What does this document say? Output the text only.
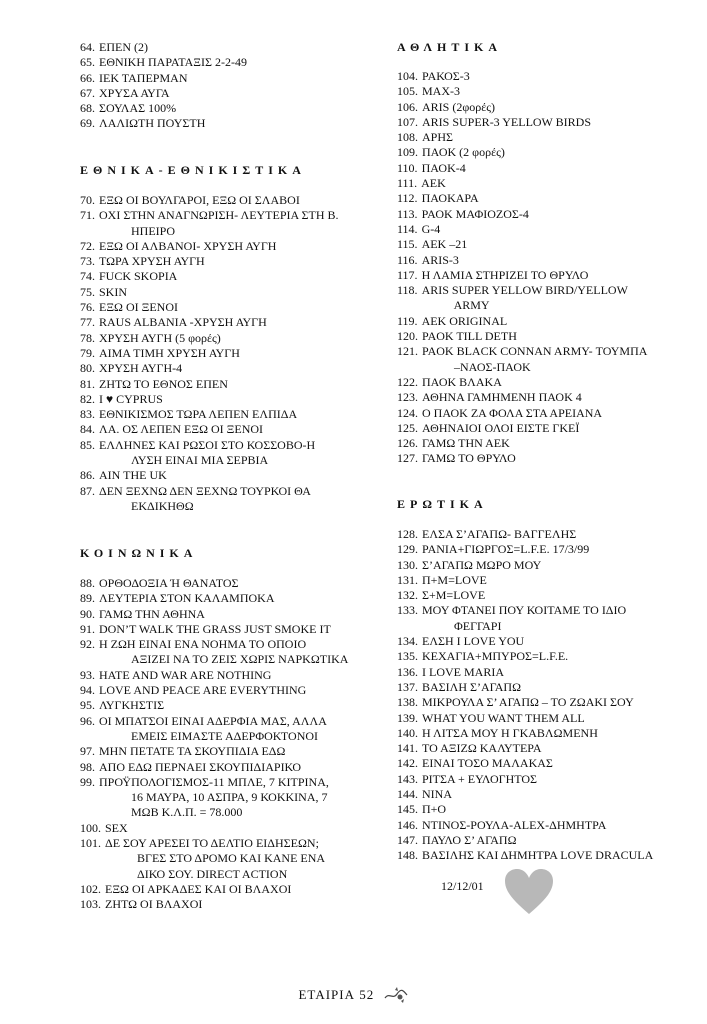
64. ΕΠΕΝ (2)
65. ΕΘΝΙΚΗ ΠΑΡΑΤΑΞΙΣ 2-2-49
66. ΙΕΚ ΤΑΠΕΡΜΑΝ
67. ΧΡΥΣΑ ΑΥΓΑ
68. ΣΟΥΛΑΣ 100%
69. ΛΑΛΙΩΤΗ ΠΟΥΣΤΗ
ΕΘΝΙΚΑ-ΕΘΝΙΚΙΣΤΙΚΑ
70. ΕΞΩ ΟΙ ΒΟΥΛΓΑΡΟΙ, ΕΞΩ ΟΙ ΣΛΑΒΟΙ
71. ΟΧΙ ΣΤΗΝ ΑΝΑΓΝΩΡΙΣΗ- ΛΕΥΤΕΡΙΑ ΣΤΗ Β.
ΗΠΕΙΡΟ
72. ΕΞΩ ΟΙ ΑΛΒΑΝΟΙ- ΧΡΥΣΗ ΑΥΓΗ
73. ΤΩΡΑ ΧΡΥΣΗ ΑΥΓΗ
74. FUCK SKOPIA
75. SKIN
76. ΕΞΩ ΟΙ ΞΕΝΟΙ
77. RAUS ALBANIA -ΧΡΥΣΗ ΑΥΓΗ
78. ΧΡΥΣΗ ΑΥΓΗ (5 φορές)
79. ΑΙΜΑ ΤΙΜΗ ΧΡΥΣΗ ΑΥΓΗ
80. ΧΡΥΣΗ ΑΥΓΗ-4
81. ΖΗΤΩ ΤΟ ΕΘΝΟΣ ΕΠΕΝ
82. I ♥ CYPRUS
83. ΕΘΝΙΚΙΣΜΟΣ ΤΩΡΑ ΛΕΠΕΝ ΕΛΠΙΔΑ
84. ΛΑ. ΟΣ ΛΕΠΕΝ ΕΞΩ ΟΙ ΞΕΝΟΙ
85. ΕΛΛΗΝΕΣ ΚΑΙ ΡΩΣΟΙ ΣΤΟ ΚΟΣΣΟΒΟ-Η
ΛΥΣΗ ΕΙΝΑΙ ΜΙΑ ΣΕΡΒΙΑ
86. AIN THE UK
87. ΔΕΝ ΞΕΧΝΩ ΔΕΝ ΞΕΧΝΩ ΤΟΥΡΚΟΙ ΘΑ
ΕΚΔΙΚΗΘΩ
ΚΟΙΝΩΝΙΚΑ
88. ΟΡΘΟΔΟΞΙΑ Ή ΘΑΝΑΤΟΣ
89. ΛΕΥΤΕΡΙΑ ΣΤΟΝ ΚΑΛΑΜΠΟΚΑ
90. ΓΑΜΩ ΤΗΝ ΑΘΗΝΑ
91. DON’T WALK THE GRASS JUST SMOKE IT
92. Η ΖΩΗ ΕΙΝΑΙ ΕΝΑ ΝΟΗΜΑ ΤΟ ΟΠΟΙΟ
ΑΞΙΖΕΙ ΝΑ ΤΟ ΖΕΙΣ ΧΩΡΙΣ ΝΑΡΚΩΤΙΚΑ
93. HATE AND WAR ARE NOTHING
94. LOVE AND PEACE ARE EVERYTHING
95. ΛΥΓΚΗΣΤΙΣ
96. ΟΙ ΜΠΑΤΣΟΙ ΕΙΝΑΙ ΑΔΕΡΦΙΑ ΜΑΣ, ΑΛΛΑ
ΕΜΕΙΣ ΕΙΜΑΣΤΕ ΑΔΕΡΦΟΚΤΟΝΟΙ
97. ΜΗΝ ΠΕΤΑΤΕ ΤΑ ΣΚΟΥΠΙΔΙΑ ΕΔΩ
98. ΑΠΟ ΕΔΩ ΠΕΡΝΑΕΙ ΣΚΟΥΠΙΔΙΑΡΙΚΟ
99. ΠΡΟΫΠΟΛΟΓΙΣΜΟΣ-11 ΜΠΛΕ, 7 ΚΙΤΡΙΝΑ,
16 ΜΑΥΡΑ, 10 ΑΣΠΡΑ, 9 ΚΟΚΚΙΝΑ, 7
ΜΩΒ Κ.Λ.Π. = 78.000
100. SEX
101. ΔΕ ΣΟΥ ΑΡΕΣΕΙ ΤΟ ΔΕΛΤΙΟ ΕΙΔΗΣΕΩΝ;
ΒΓΕΣ ΣΤΟ ΔΡΟΜΟ ΚΑΙ ΚΑΝΕ ΕΝΑ
ΔΙΚΟ ΣΟΥ. DIRECT ACTION
102. ΕΞΩ ΟΙ ΑΡΚΑΔΕΣ ΚΑΙ ΟΙ ΒΛΑΧΟΙ
103. ΖΗΤΩ ΟΙ ΒΛΑΧΟΙ
ΑΘΛΗΤΙΚΑ
104. ΡΑΚΟΣ-3
105. ΜΑΧ-3
106. ARIS (2φορές)
107. ARIS SUPER-3 YELLOW BIRDS
108. ΑΡΗΣ
109. ΠΑΟΚ (2 φορές)
110. ΠΑΟΚ-4
111. ΑΕΚ
112. ΠΑΟΚΑΡΑ
113. ΡΑΟΚ ΜΑΦΙΟΖΟΣ-4
114. G-4
115. ΑΕΚ –21
116. ARIS-3
117. Η ΛΑΜΙΑ ΣΤΗΡΙΖΕΙ ΤΟ ΘΡΥΛΟ
118. ARIS SUPER YELLOW BIRD/YELLOW
ARMY
119. AEK ORIGINAL
120. PAOK TILL DETH
121. PAOK BLACK CONNAN ARMY- ΤΟΥΜΠΑ
–ΝΑΟΣ-ΠΑΟΚ
122. ΠΑΟΚ ΒΛΑΚΑ
123. ΑΘΗΝΑ ΓΑΜΗΜΕΝΗ ΠΑΟΚ 4
124. Ο ΠΑΟΚ ΖΑ ΦΟΛΑ ΣΤΑ ΑΡΕΙΑΝΑ
125. ΑΘΗΝΑΙΟΙ ΟΛΟΙ ΕΙΣΤΕ ΓΚΕΪ
126. ΓΑΜΩ ΤΗΝ ΑΕΚ
127. ΓΑΜΩ ΤΟ ΘΡΥΛΟ
ΕΡΩΤΙΚΑ
128. ΕΛΣΑ Σ’ΑΓΑΠΩ- ΒΑΓΓΕΛΗΣ
129. ΡΑΝΙΑ+ΓΙΩΡΓΟΣ=L.F.E. 17/3/99
130. Σ’ΑΓΑΠΩ ΜΩΡΟ ΜΟΥ
131. Π+Μ=LOVE
132. Σ+Μ=LOVE
133. ΜΟΥ ΦΤΑΝΕΙ ΠΟΥ ΚΟΙΤΑΜΕ ΤΟ ΙΔΙΟ
ΦΕΓΓΑΡΙ
134. ΕΛΣΗ I LOVE YOU
135. ΚΕΧΑΓΙΑ+ΜΠΥΡΟΣ=L.F.E.
136. I LOVE MARIA
137. ΒΑΣΙΛΗ Σ’ΑΓΑΠΩ
138. ΜΙΚΡΟΥΛΑ Σ’ ΑΓΑΠΩ – ΤΟ ΖΩΑΚΙ ΣΟΥ
139. WHAT YOU WANT THEM ALL
140. Η ΛΙΤΣΑ ΜΟΥ Η ΓΚΑΒΛΩΜΕΝΗ
141. ΤΟ ΑΞΙΖΩ ΚΑΛΥΤΕΡΑ
142. ΕΙΝΑΙ ΤΟΣΟ ΜΑΛΑΚΑΣ
143. ΡΙΤΣΑ + ΕΥΛΟΓΗΤΟΣ
144. ΝΙΝΑ
145. Π+Ο
146. ΝΤΙΝΟΣ-ΡΟΥΛΑ-ALEX-ΔΗΜΗΤΡΑ
147. ΠΑΥΛΟ Σ’ ΑΓΑΠΩ
148. ΒΑΣΙΛΗΣ ΚΑΙ ΔΗΜΗΤΡΑ LOVE DRACULA
12/12/01
ΕΤΑΙΡΙΑ 52
